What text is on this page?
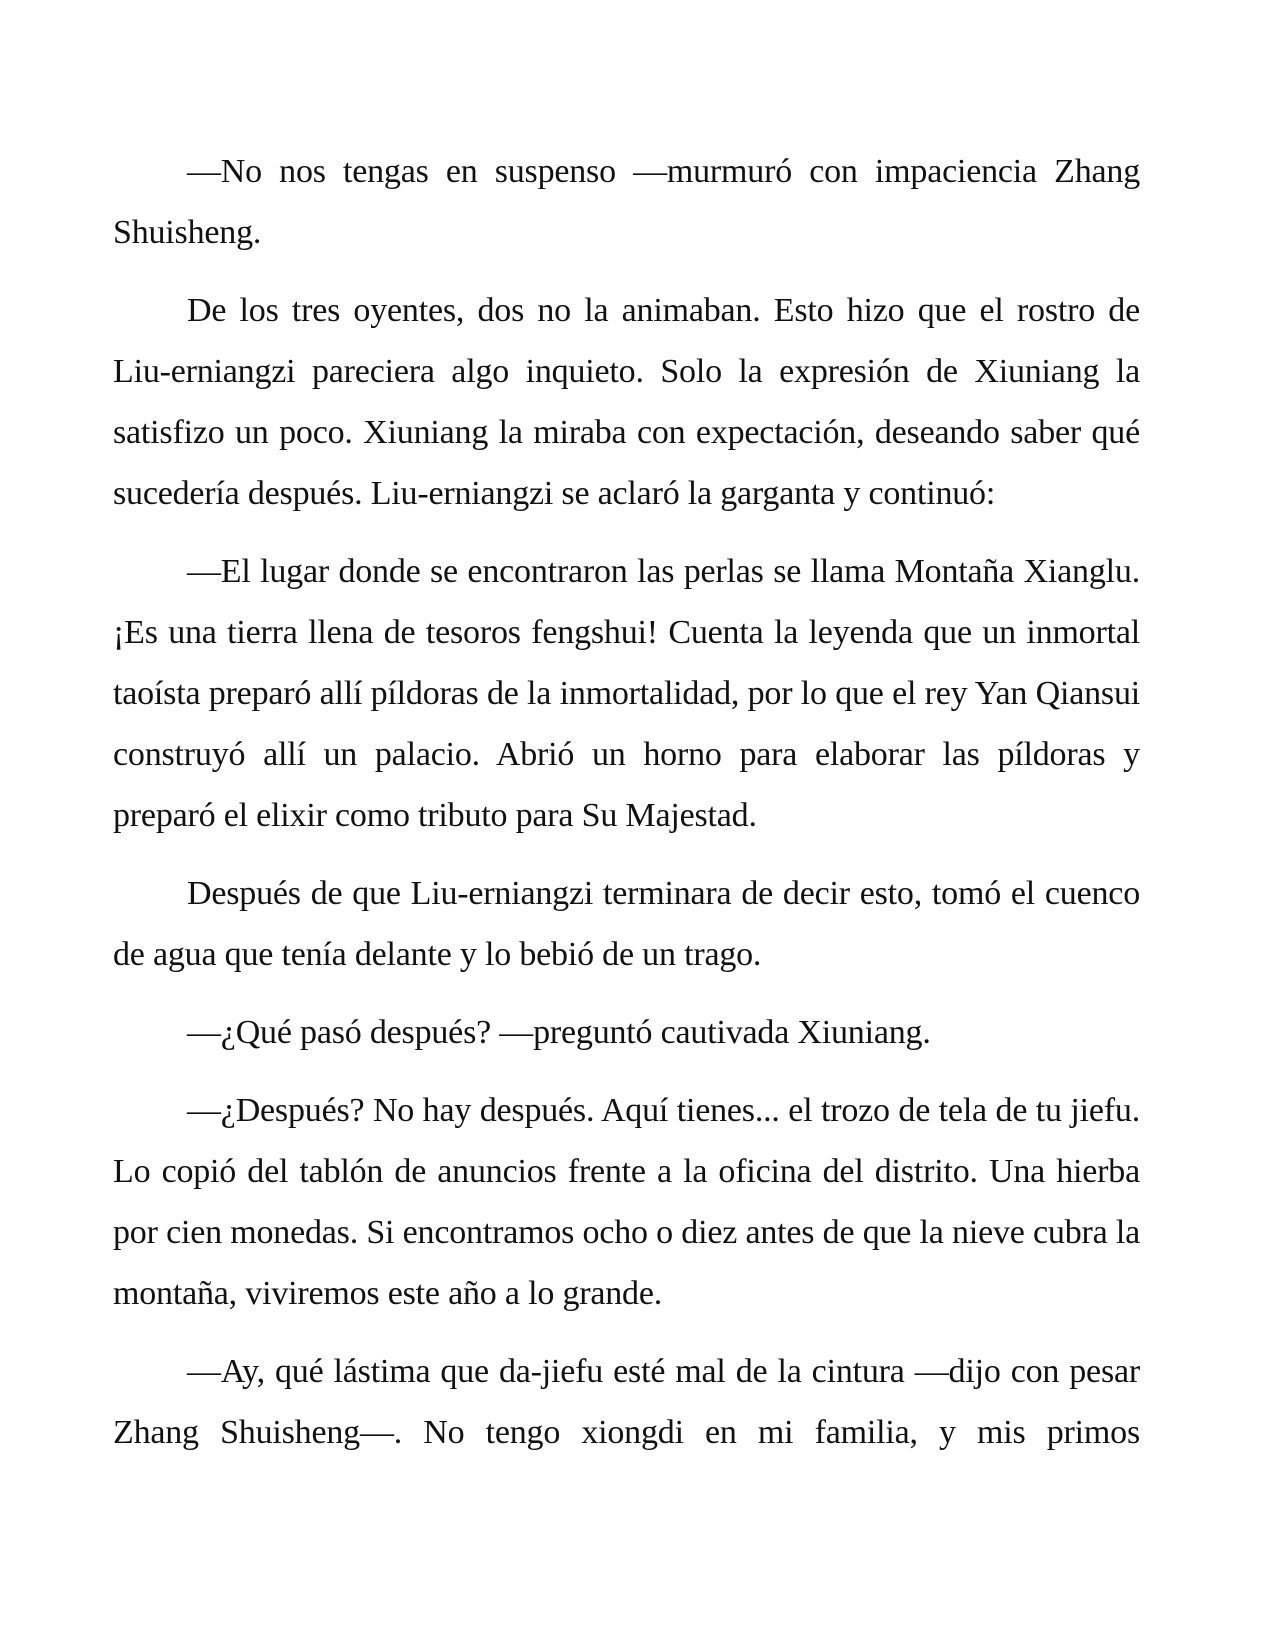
—No nos tengas en suspenso —murmuró con impaciencia Zhang Shuisheng.

De los tres oyentes, dos no la animaban. Esto hizo que el rostro de Liu-erniangzi pareciera algo inquieto. Solo la expresión de Xiuniang la satisfizo un poco. Xiuniang la miraba con expectación, deseando saber qué sucedería después. Liu-erniangzi se aclaró la garganta y continuó:

—El lugar donde se encontraron las perlas se llama Montaña Xianglu. ¡Es una tierra llena de tesoros fengshui! Cuenta la leyenda que un inmortal taoísta preparó allí píldoras de la inmortalidad, por lo que el rey Yan Qiansui construyó allí un palacio. Abrió un horno para elaborar las píldoras y preparó el elixir como tributo para Su Majestad.

Después de que Liu-erniangzi terminara de decir esto, tomó el cuenco de agua que tenía delante y lo bebió de un trago.

—¿Qué pasó después? —preguntó cautivada Xiuniang.

—¿Después? No hay después. Aquí tienes... el trozo de tela de tu jiefu. Lo copió del tablón de anuncios frente a la oficina del distrito. Una hierba por cien monedas. Si encontramos ocho o diez antes de que la nieve cubra la montaña, viviremos este año a lo grande.

—Ay, qué lástima que da-jiefu esté mal de la cintura —dijo con pesar Zhang Shuisheng—. No tengo xiongdi en mi familia, y mis primos
